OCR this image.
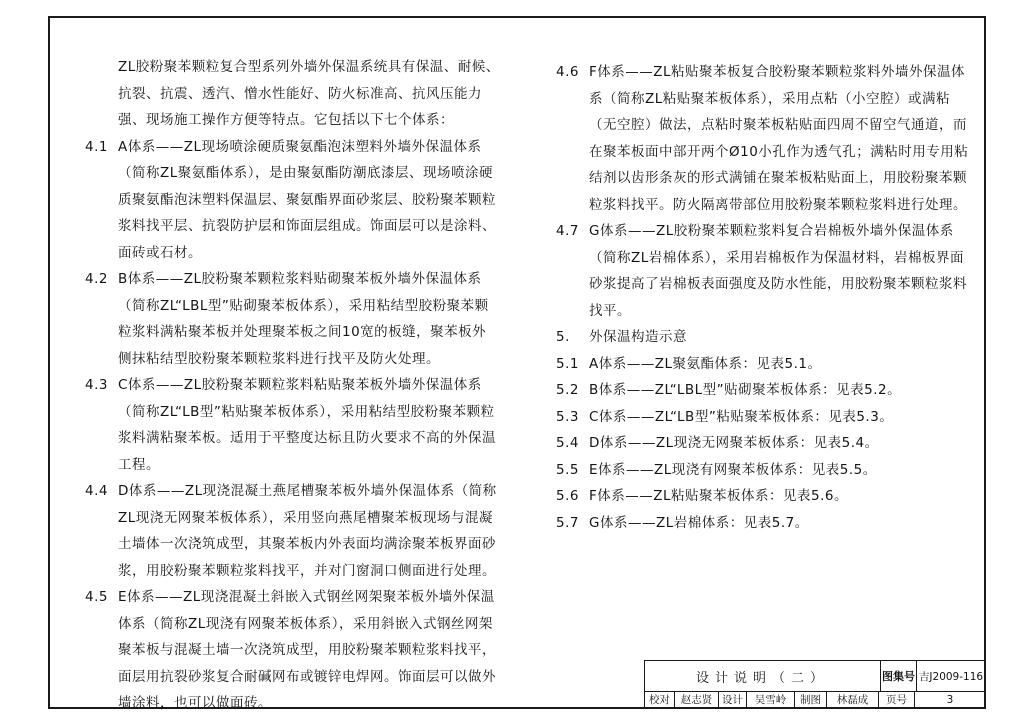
ZL胶粉聚苯颗粒复合型系列外墙外保温系统具有保温、耐候、抗裂、抗震、透汽、憎水性能好、防火标准高、抗风压能力强、现场施工操作方便等特点。它包括以下七个体系：
4.1 A体系——ZL现场喷涂硬质聚氨酯泡沫塑料外墙外保温体系（简称ZL聚氨酯体系），是由聚氨酯防潮底漆层、现场喷涂硬质聚氨酯泡沫塑料保温层、聚氨酯界面砂浆层、胶粉聚苯颗粒浆料找平层、抗裂防护层和饰面层组成。饰面层可以是涂料、面砖或石材。
4.2 B体系——ZL胶粉聚苯颗粒浆料贴砌聚苯板外墙外保温体系（简称ZL“LBL型”贴砌聚苯板体系），采用粘结型胶粉聚苯颗粒浆料满粘聚苯板并处理聚苯板之间10宽的板缝，聚苯板外侧抹粘结型胶粉聚苯颗粒浆料进行找平及防火处理。
4.3 C体系——ZL胶粉聚苯颗粒浆料粘贴聚苯板外墙外保温体系（简称ZL“LB型”粘贴聚苯板体系），采用粘结型胶粉聚苯颗粒浆料满粘聚苯板。适用于平整度达标且防火要求不高的外保温工程。
4.4 D体系——ZL现浇混凝土燕尾槽聚苯板外墙外保温体系（简称ZL现浇无网聚苯板体系），采用竖向燕尾槽聚苯板现场与混凝土墙体一次浇筑成型，其聚苯板内外表面均满涂聚苯板界面砂浆，用胶粉聚苯颗粒浆料找平，并对门窗洞口侧面进行处理。
4.5 E体系——ZL现浇混凝土斜嵌入式钢丝网架聚苯板外墙外保温体系（简称ZL现浇有网聚苯板体系），采用斜嵌入式钢丝网架聚苯板与混凝土墙一次浇筑成型，用胶粉聚苯颗粒浆料找平，面层用抗裂砂浆复合耐碱网布或镀锌电焊网。饰面层可以做外墙涂料，也可以做面砖。
4.6 F体系——ZL粘贴聚苯板复合胶粉聚苯颗粒浆料外墙外保温体系（简称ZL粘贴聚苯板体系），采用点粘（小空腔）或满粘（无空腔）做法，点粘时聚苯板粘贴面四周不留空气通道，而在聚苯板面中部开两个Ø10小孔作为透气孔；满粘时用专用粘结剂以齿形条灰的形式满铺在聚苯板粘贴面上，用胶粉聚苯颗粒浆料找平。防火隔离带部位用胶粉聚苯颗粒浆料进行处理。
4.7 G体系——ZL胶粉聚苯颗粒浆料复合岩棉板外墙外保温体系（简称ZL岩棉体系），采用岩棉板作为保温材料，岩棉板界面砂浆提高了岩棉板表面强度及防水性能，用胶粉聚苯颗粒浆料找平。
5. 外保温构造示意
5.1 A体系——ZL聚氨酯体系：见表5.1。
5.2 B体系——ZL“LBL型”贴砌聚苯板体系：见表5.2。
5.3 C体系——ZL“LB型”粘贴聚苯板体系：见表5.3。
5.4 D体系——ZL现浇无网聚苯板体系：见表5.4。
5.5 E体系——ZL现浇有网聚苯板体系：见表5.5。
5.6 F体系——ZL粘贴聚苯板体系：见表5.6。
5.7 G体系——ZL岩棉体系：见表5.7。
设计说明（二）	图集号 吉J2009-116
校对	赵志贤 设计	吴雪岭	制图	林磊成	页号	3
